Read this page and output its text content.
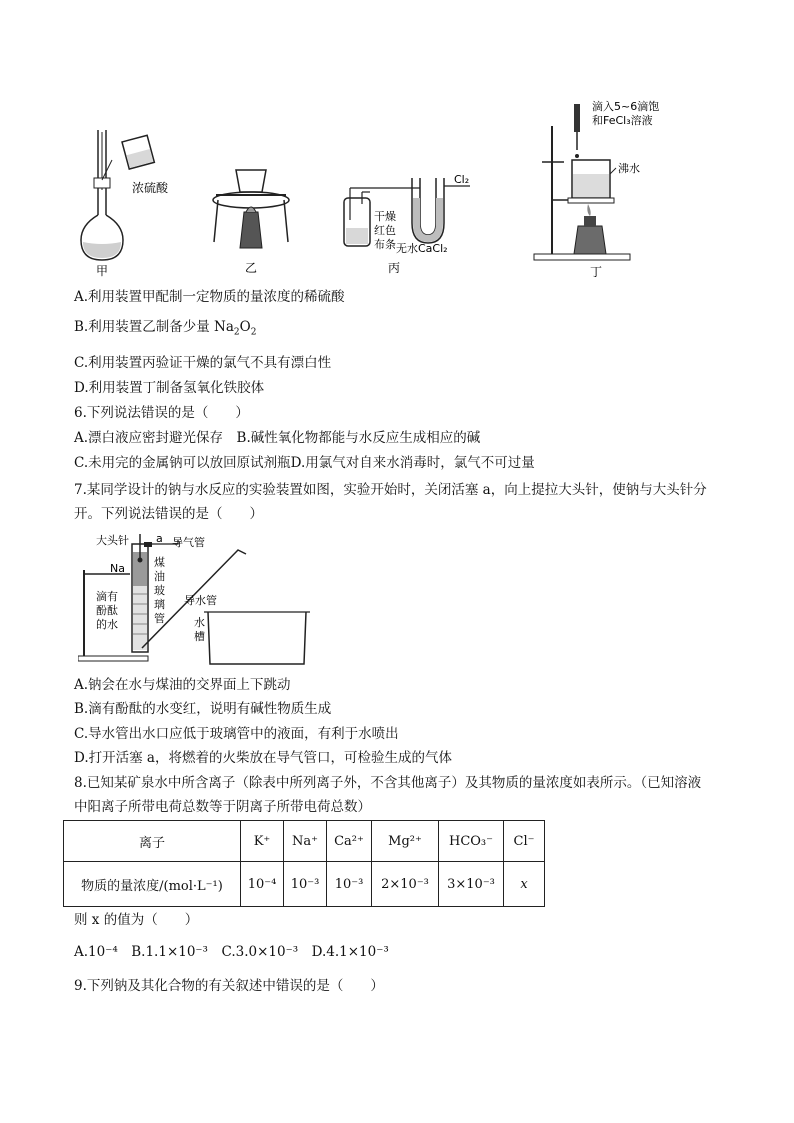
浓硫酸
甲	乙
Cl₂
干燥
红色
布条 无水CaCl₂
丙
滴入5~6滴饱
和FeCl₃溶液
沸水
丁
A.利用装置甲配制一定物质的量浓度的稀硫酸
B.利用装置乙制备少量 $Na_2O_2$
C.利用装置丙验证干燥的氯气不具有漂白性
D.利用装置丁制备氢氧化铁胶体
6.下列说法错误的是（　　）
A.漂白液应密封避光保存　B.碱性氧化物都能与水反应生成相应的碱
C.未用完的金属钠可以放回原试剂瓶D.用氯气对自来水消毒时，氯气不可过量
7.某同学设计的钠与水反应的实验装置如图，实验开始时，关闭活塞 a，向上提拉大头针，使钠与大头针分
开。下列说法错误的是（　　）
大头针 a 导气管
Na	煤
油
玻
璃
管
导水管
滴有
酚酞
的水	水
槽
A.钠会在水与煤油的交界面上下跳动
B.滴有酚酞的水变红，说明有碱性物质生成
C.导水管出水口应低于玻璃管中的液面，有利于水喷出
D.打开活塞 a，将燃着的火柴放在导气管口，可检验生成的气体
8.已知某矿泉水中所含离子（除表中所列离子外，不含其他离子）及其物质的量浓度如表所示。（已知溶液
中阳离子所带电荷总数等于阴离子所带电荷总数）
离子	K⁺	Na⁺	Ca²⁺	Mg²⁺	HCO₃⁻	Cl⁻
物质的量浓度/(mol·L⁻¹)	10⁻⁴	10⁻³	10⁻³	2×10⁻³	3×10⁻³	x
则 x 的值为（　　）
A.10⁻⁴　B.1.1×10⁻³　C.3.0×10⁻³　D.4.1×10⁻³
9.下列钠及其化合物的有关叙述中错误的是（　　）
